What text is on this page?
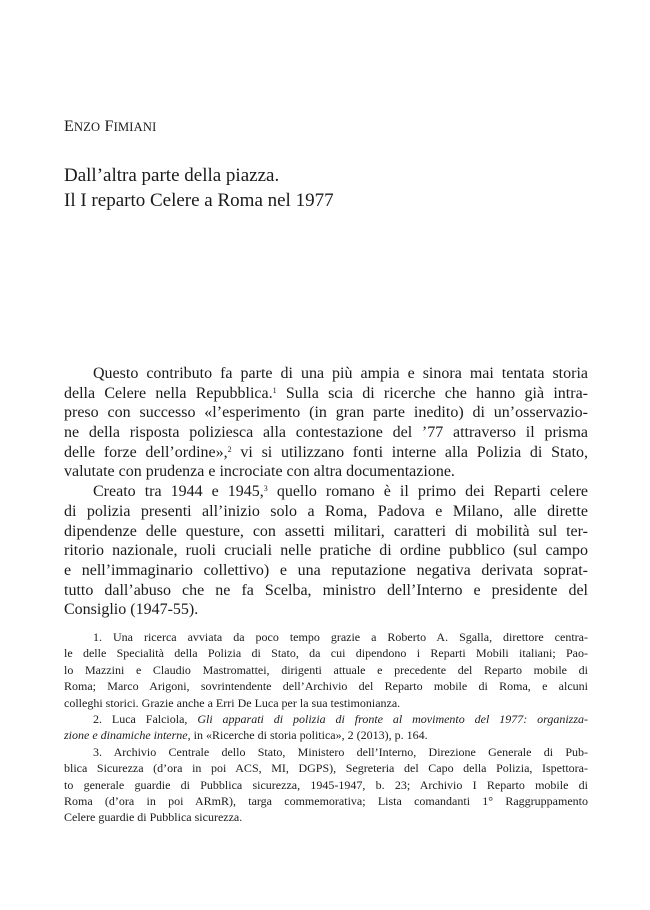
ENZO FIMIANI
Dall’altra parte della piazza.
Il I reparto Celere a Roma nel 1977
Questo contributo fa parte di una più ampia e sinora mai tentata storia
della Celere nella Repubblica.$^1$ Sulla scia di ricerche che hanno già intra-
preso con successo «l’esperimento (in gran parte inedito) di un’osservazio-
ne della risposta poliziesca alla contestazione del ’77 attraverso il prisma
delle forze dell’ordine»,$^2$ vi si utilizzano fonti interne alla Polizia di Stato,
valutate con prudenza e incrociate con altra documentazione.
Creato tra 1944 e 1945,$^3$ quello romano è il primo dei Reparti celere
di polizia presenti all’inizio solo a Roma, Padova e Milano, alle dirette
dipendenze delle questure, con assetti militari, caratteri di mobilità sul ter-
ritorio nazionale, ruoli cruciali nelle pratiche di ordine pubblico (sul campo
e nell’immaginario collettivo) e una reputazione negativa derivata soprat-
tutto dall’abuso che ne fa Scelba, ministro dell’Interno e presidente del
Consiglio (1947-55).
1. Una ricerca avviata da poco tempo grazie a Roberto A. Sgalla, direttore centra-
le delle Specialità della Polizia di Stato, da cui dipendono i Reparti Mobili italiani; Pao-
lo Mazzini e Claudio Mastromattei, dirigenti attuale e precedente del Reparto mobile di
Roma; Marco Arigoni, sovrintendente dell’Archivio del Reparto mobile di Roma, e alcuni
colleghi storici. Grazie anche a Erri De Luca per la sua testimonianza.
2. Luca Falciola, Gli apparati di polizia di fronte al movimento del 1977: organizza-
zione e dinamiche interne, in «Ricerche di storia politica», 2 (2013), p. 164.
3. Archivio Centrale dello Stato, Ministero dell’Interno, Direzione Generale di Pub-
blica Sicurezza (d’ora in poi ACS, MI, DGPS), Segreteria del Capo della Polizia, Ispettora-
to generale guardie di Pubblica sicurezza, 1945-1947, b. 23; Archivio I Reparto mobile di
Roma (d’ora in poi ARmR), targa commemorativa; Lista comandanti 1° Raggruppamento
Celere guardie di Pubblica sicurezza.
